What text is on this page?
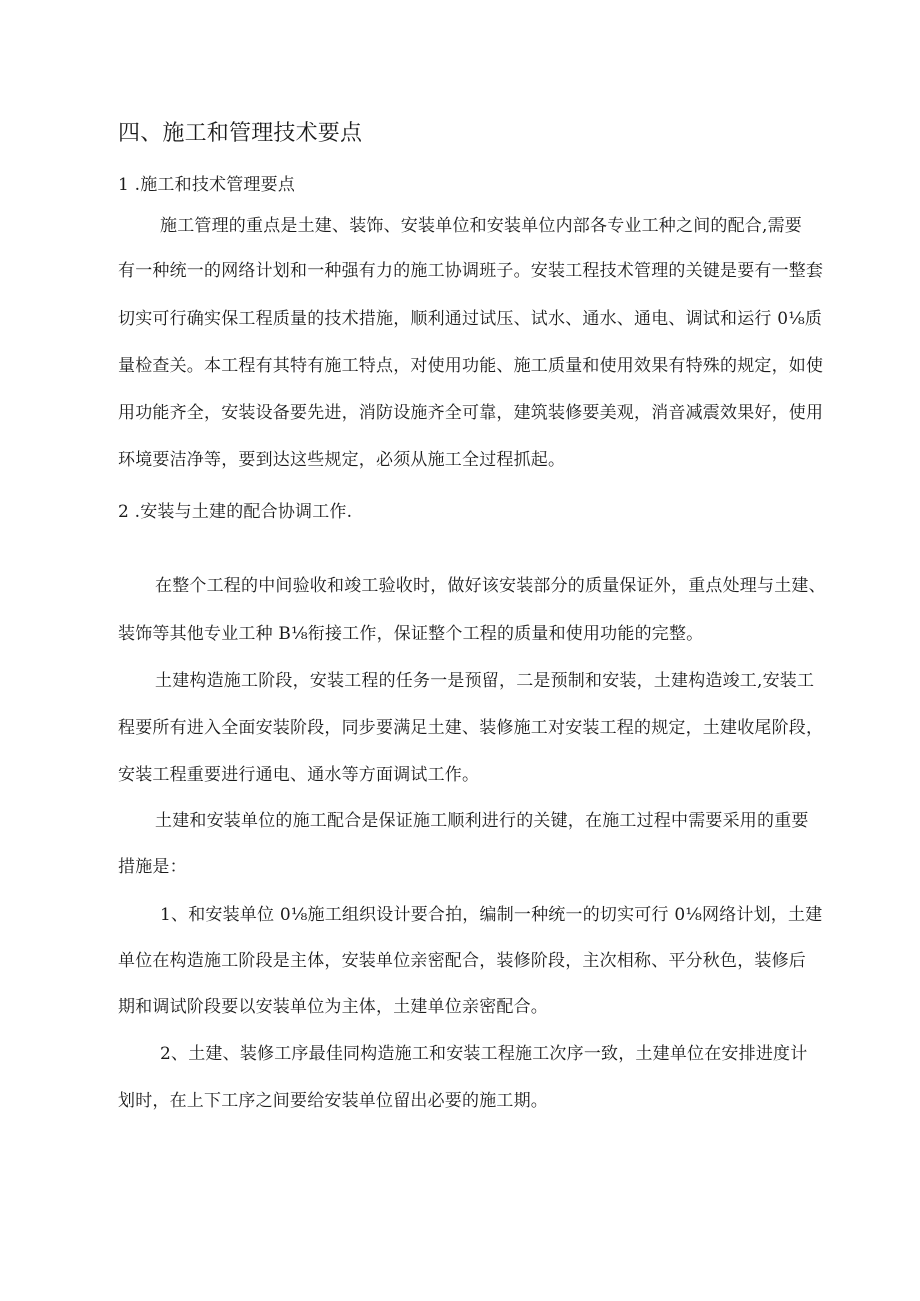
四、施工和管理技术要点
1 .施工和技术管理要点
施工管理的重点是土建、装饰、安装单位和安装单位内部各专业工种之间的配合,需要
有一种统一的网络计划和一种强有力的施工协调班子。安装工程技术管理的关键是要有一整套
切实可行确实保工程质量的技术措施，顺利通过试压、试水、通水、通电、调试和运行 0⅛质
量检查关。本工程有其特有施工特点，对使用功能、施工质量和使用效果有特殊的规定，如使
用功能齐全，安装设备要先进，消防设施齐全可靠，建筑装修要美观，消音减震效果好，使用
环境要洁净等，要到达这些规定，必须从施工全过程抓起。
2 .安装与土建的配合协调工作.
在整个工程的中间验收和竣工验收时，做好该安装部分的质量保证外，重点处理与土建、
装饰等其他专业工种 B⅛衔接工作，保证整个工程的质量和使用功能的完整。
土建构造施工阶段，安装工程的任务一是预留，二是预制和安装，土建构造竣工,安装工
程要所有进入全面安装阶段，同步要满足土建、装修施工对安装工程的规定，土建收尾阶段，
安装工程重要进行通电、通水等方面调试工作。
土建和安装单位的施工配合是保证施工顺利进行的关键，在施工过程中需要采用的重要
措施是：
1、和安装单位 0⅛施工组织设计要合拍，编制一种统一的切实可行 0⅛网络计划，土建
单位在构造施工阶段是主体，安装单位亲密配合，装修阶段，主次相称、平分秋色，装修后
期和调试阶段要以安装单位为主体，土建单位亲密配合。
2、土建、装修工序最佳同构造施工和安装工程施工次序一致，土建单位在安排进度计
划时，在上下工序之间要给安装单位留出必要的施工期。
